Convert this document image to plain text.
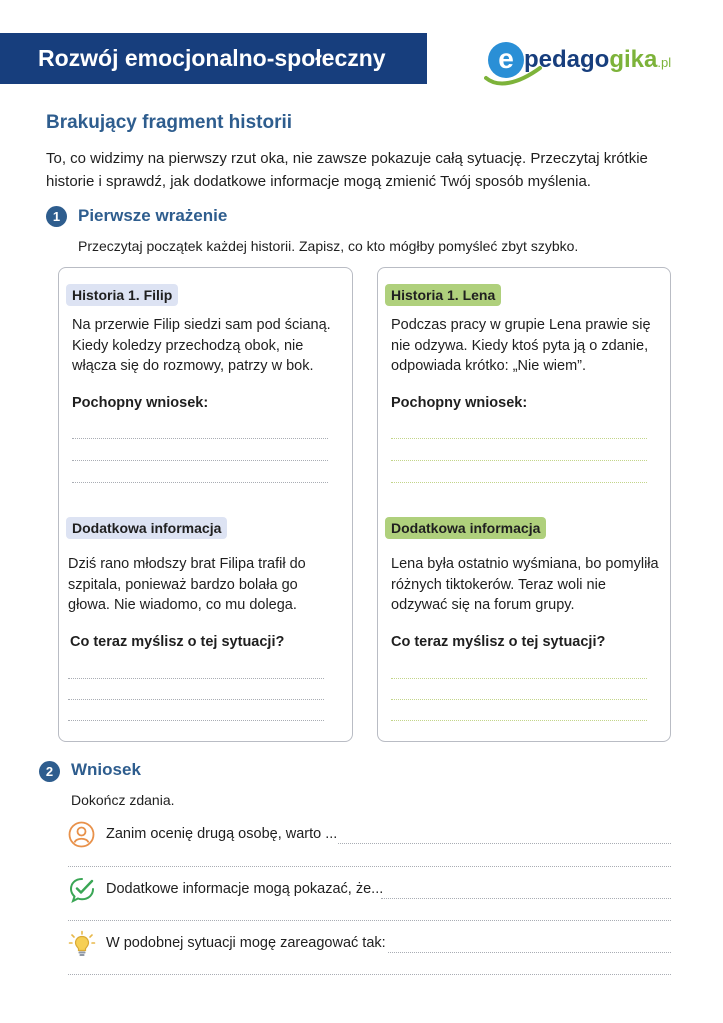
Rozwój emocjonalno-społeczny	e pedagogika.pl
Brakujący fragment historii
To, co widzimy na pierwszy rzut oka, nie zawsze pokazuje całą sytuację. Przeczytaj krótkie historie i sprawdź, jak dodatkowe informacje mogą zmienić Twój sposób myślenia.
1	Pierwsze wrażenie
Przeczytaj początek każdej historii. Zapisz, co kto mógłby pomyśleć zbyt szybko.
Historia 1. Filip
Na przerwie Filip siedzi sam pod ścianą. Kiedy koledzy przechodzą obok, nie włącza się do rozmowy, patrzy w bok.
Pochopny wniosek:
Dodatkowa informacja
Dziś rano młodszy brat Filipa trafił do szpitala, ponieważ bardzo bolała go głowa. Nie wiadomo, co mu dolega.
Co teraz myślisz o tej sytuacji?
Historia 1. Lena
Podczas pracy w grupie Lena prawie się nie odzywa. Kiedy ktoś pyta ją o zdanie, odpowiada krótko: „Nie wiem”.
Pochopny wniosek:
Dodatkowa informacja
Lena była ostatnio wyśmiana, bo pomyliła różnych tiktokerów. Teraz woli nie odzywać się na forum grupy.
Co teraz myślisz o tej sytuacji?
2	Wniosek
Dokończ zdania.
Zanim ocenię drugą osobę, warto ...
Dodatkowe informacje mogą pokazać, że...
W podobnej sytuacji mogę zareagować tak:
